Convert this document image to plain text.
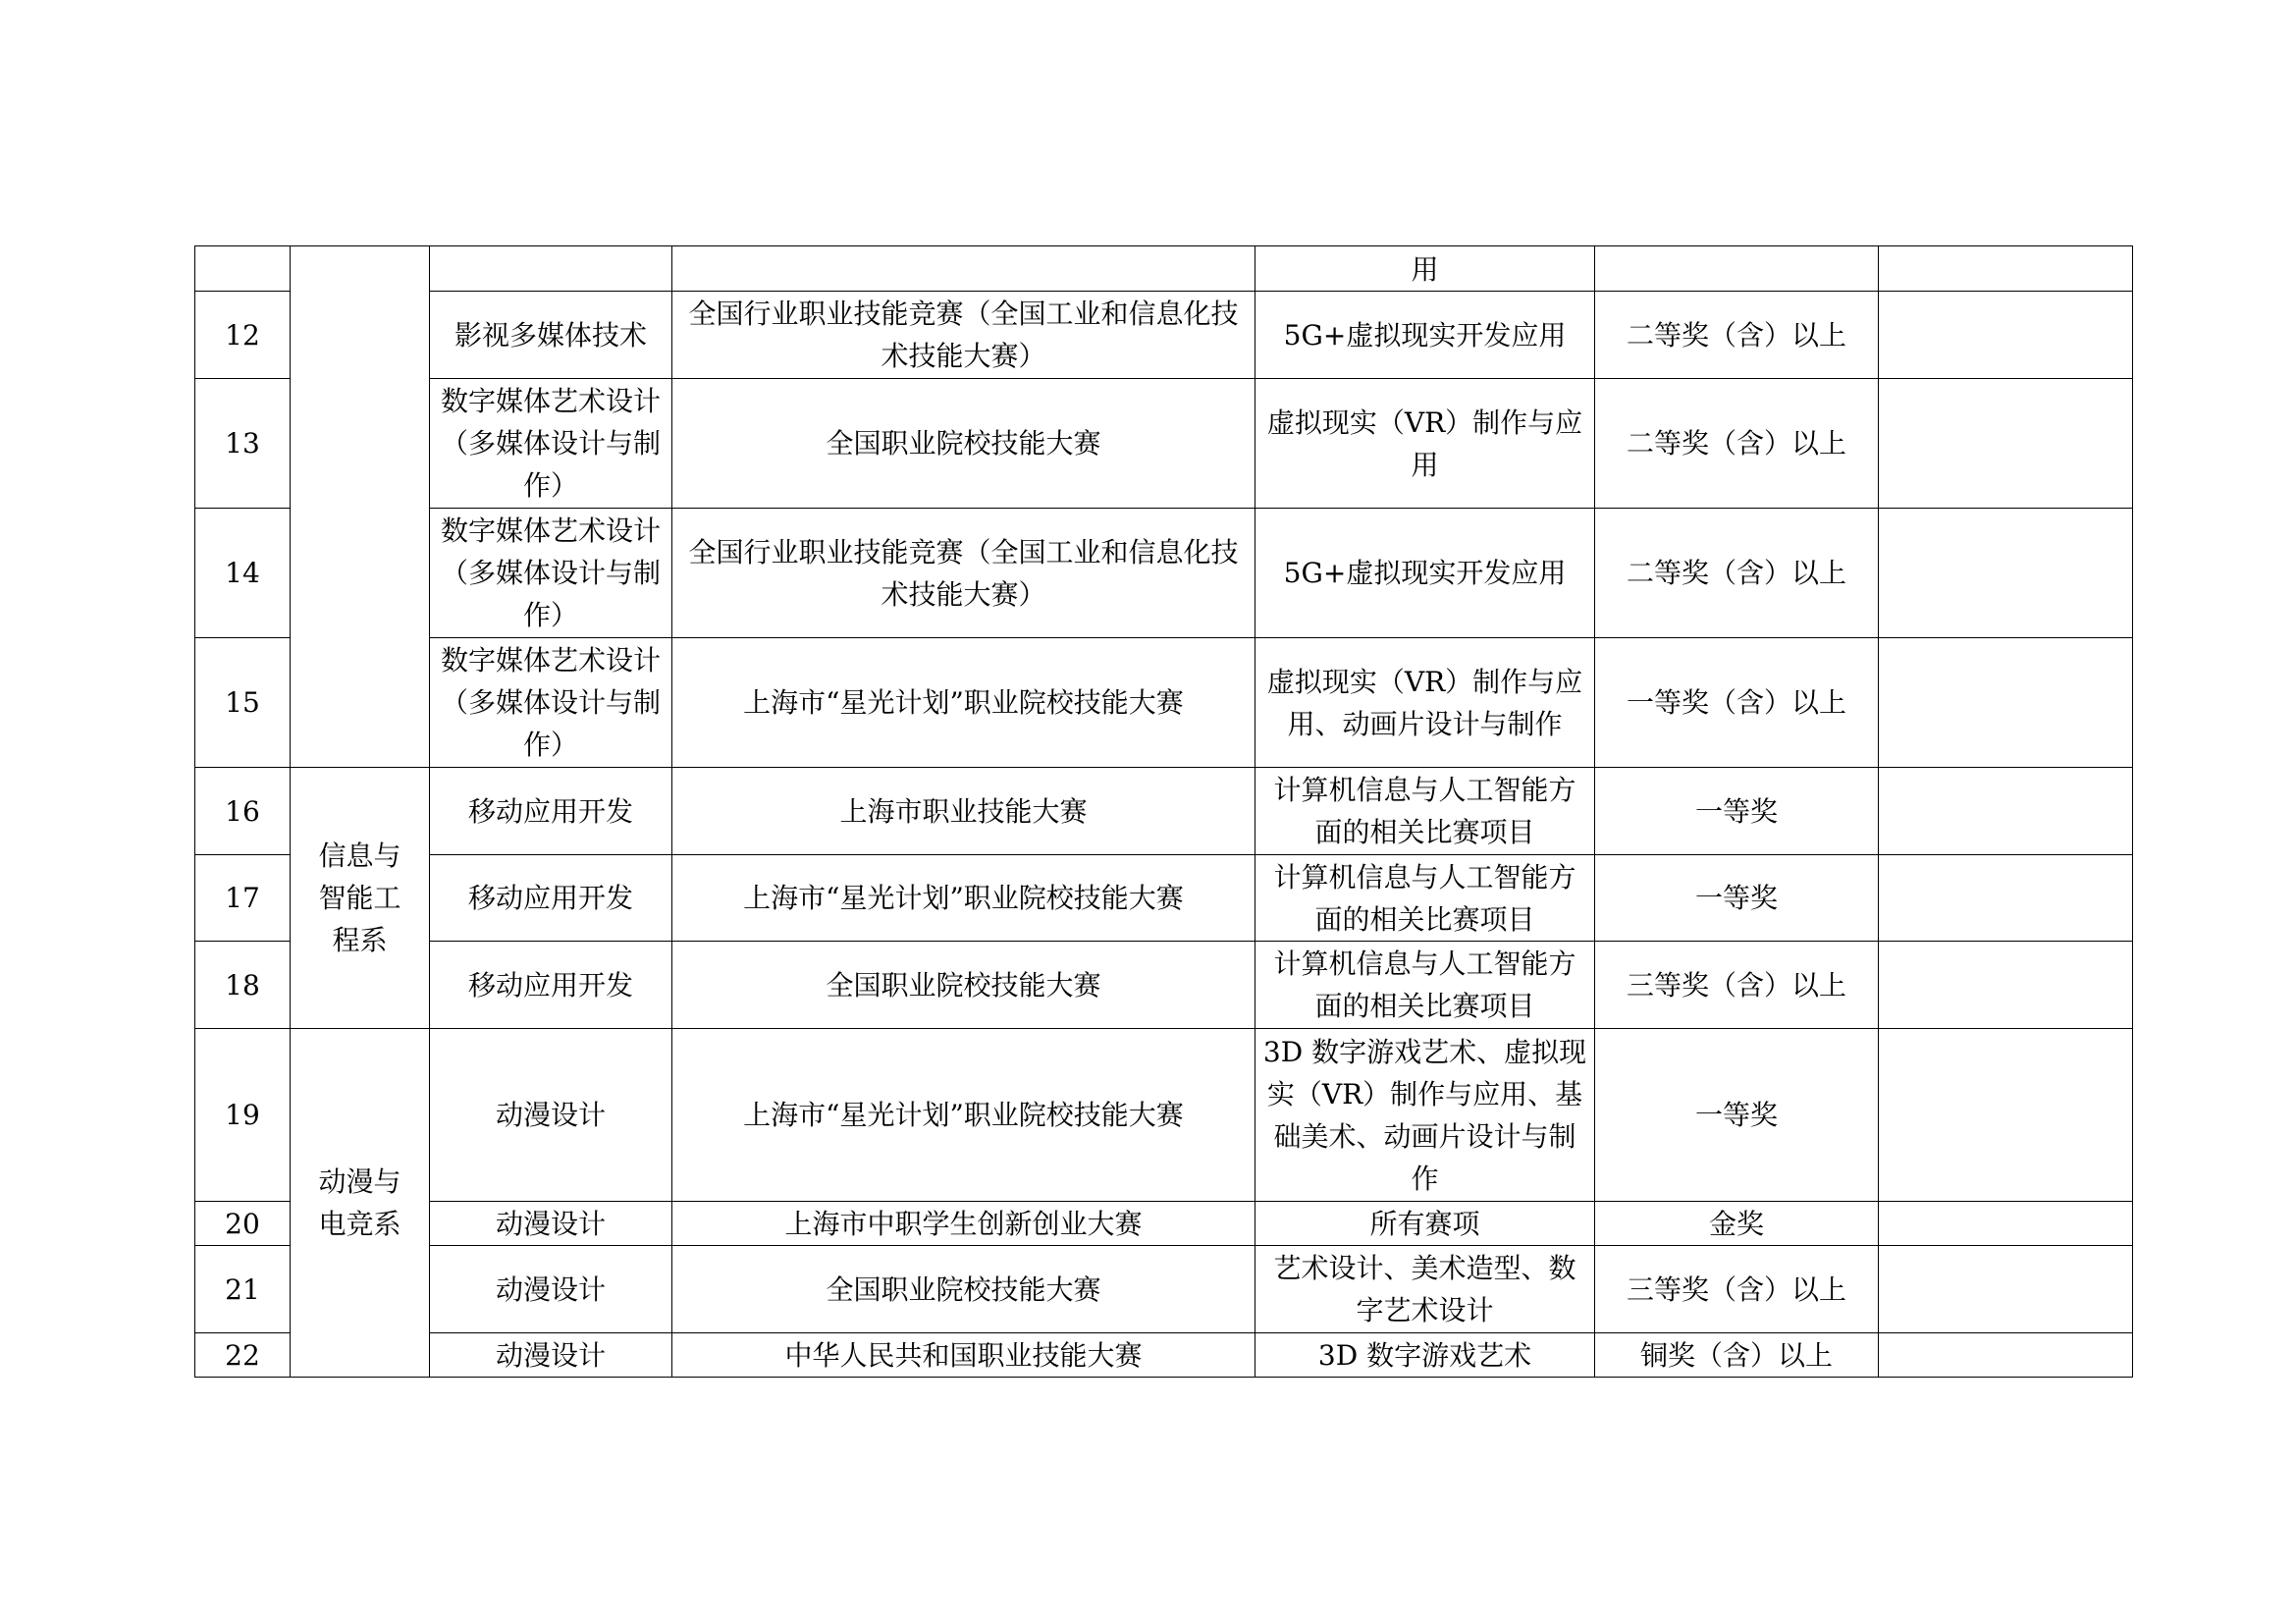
				用		
12		影视多媒体技术	全国行业职业技能竞赛（全国工业和信息化技术技能大赛）	5G+虚拟现实开发应用	二等奖（含）以上	
13		数字媒体艺术设计（多媒体设计与制作）	全国职业院校技能大赛	虚拟现实（VR）制作与应用	二等奖（含）以上	
14		数字媒体艺术设计（多媒体设计与制作）	全国行业职业技能竞赛（全国工业和信息化技术技能大赛）	5G+虚拟现实开发应用	二等奖（含）以上	
15		数字媒体艺术设计（多媒体设计与制作）	上海市“星光计划”职业院校技能大赛	虚拟现实（VR）制作与应用、动画片设计与制作	一等奖（含）以上	
16	信息与智能工程系	移动应用开发	上海市职业技能大赛	计算机信息与人工智能方面的相关比赛项目	一等奖	
17		移动应用开发	上海市“星光计划”职业院校技能大赛	计算机信息与人工智能方面的相关比赛项目	一等奖	
18		移动应用开发	全国职业院校技能大赛	计算机信息与人工智能方面的相关比赛项目	三等奖（含）以上	
19	动漫与电竞系	动漫设计	上海市“星光计划”职业院校技能大赛	3D 数字游戏艺术、虚拟现实（VR）制作与应用、基础美术、动画片设计与制作	一等奖	
20		动漫设计	上海市中职学生创新创业大赛	所有赛项	金奖	
21		动漫设计	全国职业院校技能大赛	艺术设计、美术造型、数字艺术设计	三等奖（含）以上	
22		动漫设计	中华人民共和国职业技能大赛	3D 数字游戏艺术	铜奖（含）以上	
